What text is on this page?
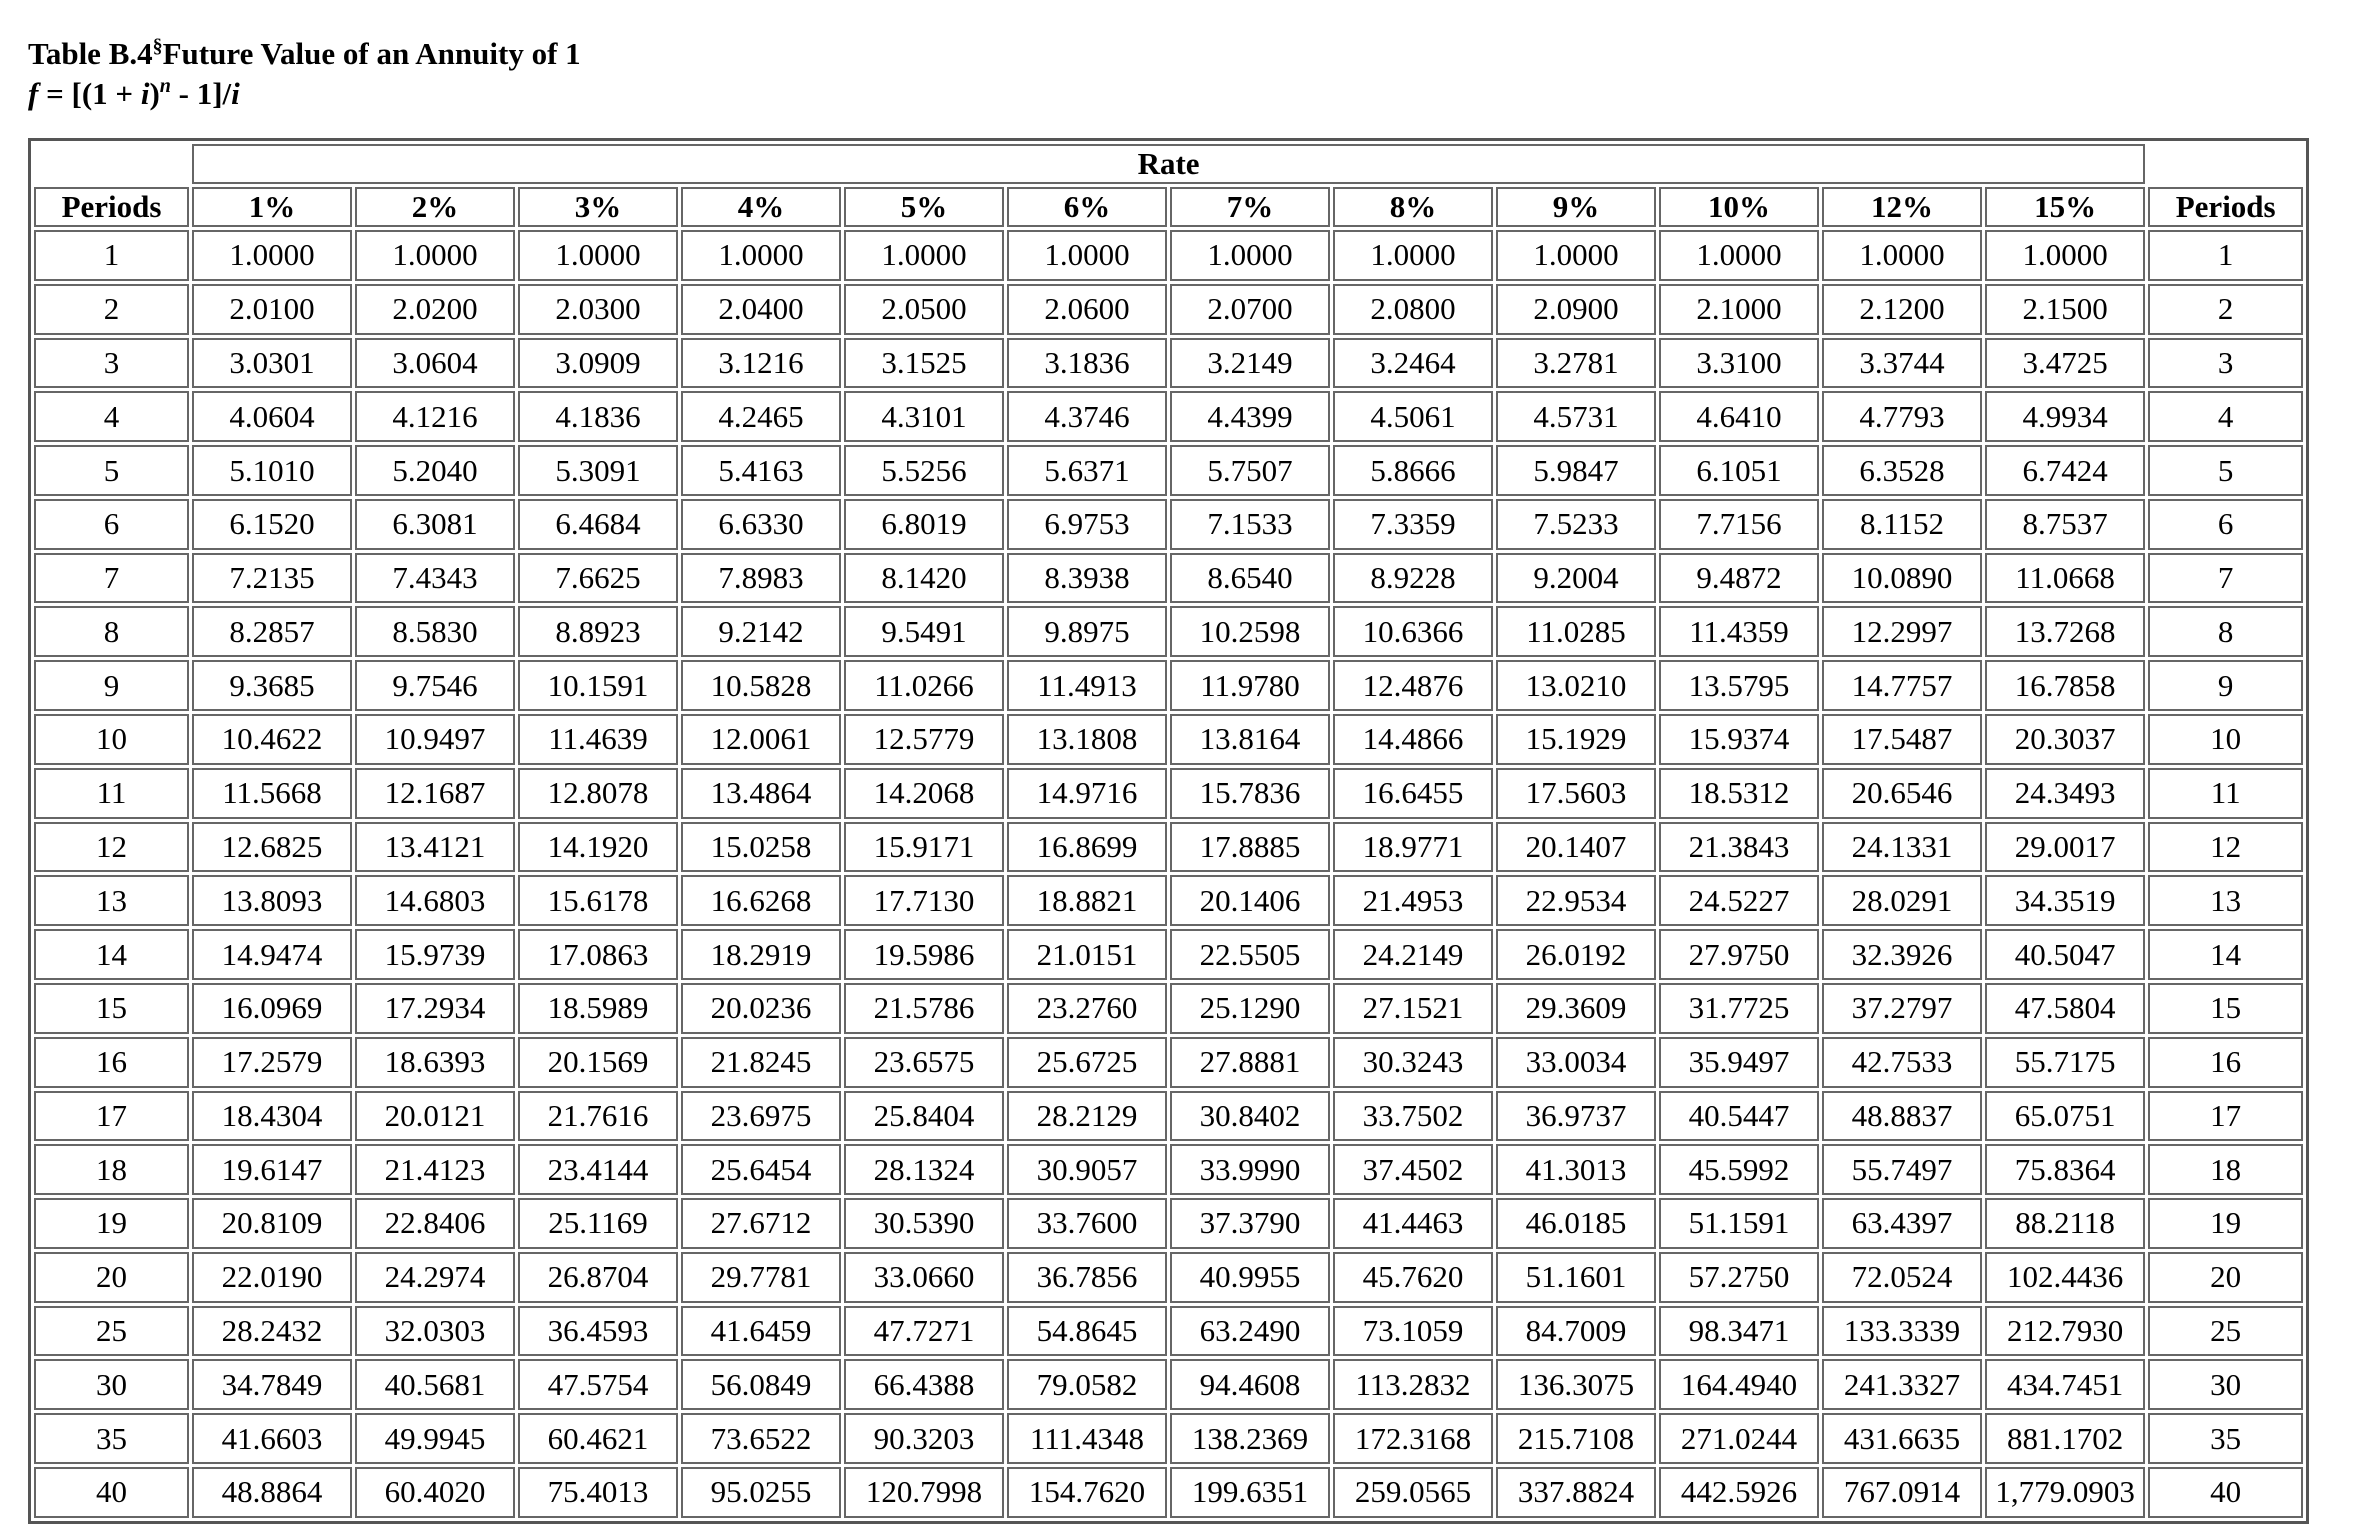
Table B.4§Future Value of an Annuity of 1
$f = [(1 + i)^n - 1]/i$
	Rate												
Periods	1%	2%	3%	4%	5%	6%	7%	8%	9%	10%	12%	15%	Periods
1	1.0000	1.0000	1.0000	1.0000	1.0000	1.0000	1.0000	1.0000	1.0000	1.0000	1.0000	1.0000	1
2	2.0100	2.0200	2.0300	2.0400	2.0500	2.0600	2.0700	2.0800	2.0900	2.1000	2.1200	2.1500	2
3	3.0301	3.0604	3.0909	3.1216	3.1525	3.1836	3.2149	3.2464	3.2781	3.3100	3.3744	3.4725	3
4	4.0604	4.1216	4.1836	4.2465	4.3101	4.3746	4.4399	4.5061	4.5731	4.6410	4.7793	4.9934	4
5	5.1010	5.2040	5.3091	5.4163	5.5256	5.6371	5.7507	5.8666	5.9847	6.1051	6.3528	6.7424	5
6	6.1520	6.3081	6.4684	6.6330	6.8019	6.9753	7.1533	7.3359	7.5233	7.7156	8.1152	8.7537	6
7	7.2135	7.4343	7.6625	7.8983	8.1420	8.3938	8.6540	8.9228	9.2004	9.4872	10.0890	11.0668	7
8	8.2857	8.5830	8.8923	9.2142	9.5491	9.8975	10.2598	10.6366	11.0285	11.4359	12.2997	13.7268	8
9	9.3685	9.7546	10.1591	10.5828	11.0266	11.4913	11.9780	12.4876	13.0210	13.5795	14.7757	16.7858	9
10	10.4622	10.9497	11.4639	12.0061	12.5779	13.1808	13.8164	14.4866	15.1929	15.9374	17.5487	20.3037	10
11	11.5668	12.1687	12.8078	13.4864	14.2068	14.9716	15.7836	16.6455	17.5603	18.5312	20.6546	24.3493	11
12	12.6825	13.4121	14.1920	15.0258	15.9171	16.8699	17.8885	18.9771	20.1407	21.3843	24.1331	29.0017	12
13	13.8093	14.6803	15.6178	16.6268	17.7130	18.8821	20.1406	21.4953	22.9534	24.5227	28.0291	34.3519	13
14	14.9474	15.9739	17.0863	18.2919	19.5986	21.0151	22.5505	24.2149	26.0192	27.9750	32.3926	40.5047	14
15	16.0969	17.2934	18.5989	20.0236	21.5786	23.2760	25.1290	27.1521	29.3609	31.7725	37.2797	47.5804	15
16	17.2579	18.6393	20.1569	21.8245	23.6575	25.6725	27.8881	30.3243	33.0034	35.9497	42.7533	55.7175	16
17	18.4304	20.0121	21.7616	23.6975	25.8404	28.2129	30.8402	33.7502	36.9737	40.5447	48.8837	65.0751	17
18	19.6147	21.4123	23.4144	25.6454	28.1324	30.9057	33.9990	37.4502	41.3013	45.5992	55.7497	75.8364	18
19	20.8109	22.8406	25.1169	27.6712	30.5390	33.7600	37.3790	41.4463	46.0185	51.1591	63.4397	88.2118	19
20	22.0190	24.2974	26.8704	29.7781	33.0660	36.7856	40.9955	45.7620	51.1601	57.2750	72.0524	102.4436	20
25	28.2432	32.0303	36.4593	41.6459	47.7271	54.8645	63.2490	73.1059	84.7009	98.3471	133.3339	212.7930	25
30	34.7849	40.5681	47.5754	56.0849	66.4388	79.0582	94.4608	113.2832	136.3075	164.4940	241.3327	434.7451	30
35	41.6603	49.9945	60.4621	73.6522	90.3203	111.4348	138.2369	172.3168	215.7108	271.0244	431.6635	881.1702	35
40	48.8864	60.4020	75.4013	95.0255	120.7998	154.7620	199.6351	259.0565	337.8824	442.5926	767.0914	1,779.0903	40
